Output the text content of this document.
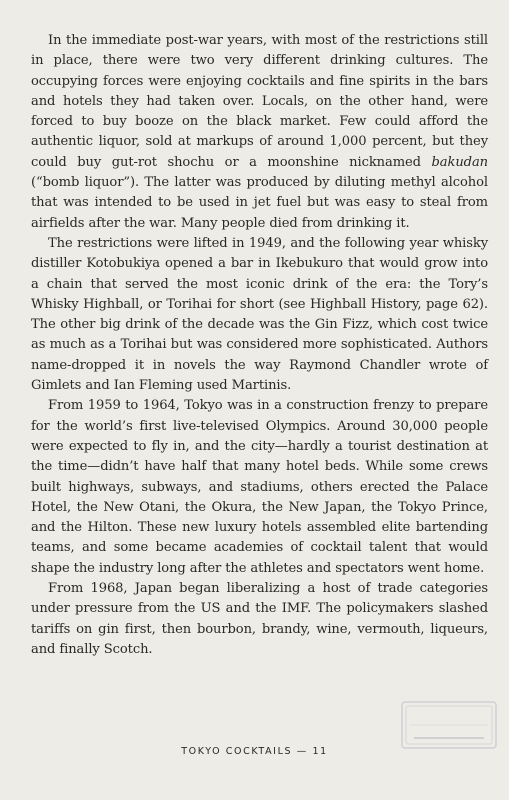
In the immediate post-war years, with most of the restrictions still in place, there were two very different drinking cultures. The occupying forces were enjoying cocktails and fine spirits in the bars and hotels they had taken over. Locals, on the other hand, were forced to buy booze on the black market. Few could afford the authentic liquor, sold at markups of around 1,000 percent, but they could buy gut-rot shochu or a moonshine nicknamed bakudan (“bomb liquor”). The latter was produced by diluting methyl alcohol that was intended to be used in jet fuel but was easy to steal from airfields after the war. Many people died from drinking it.

The restrictions were lifted in 1949, and the following year whisky distiller Kotobukiya opened a bar in Ikebukuro that would grow into a chain that served the most iconic drink of the era: the Tory’s Whisky Highball, or Torihai for short (see Highball History, page 62). The other big drink of the decade was the Gin Fizz, which cost twice as much as a Torihai but was considered more sophisticated. Authors name-dropped it in novels the way Raymond Chandler wrote of Gimlets and Ian Fleming used Martinis.

From 1959 to 1964, Tokyo was in a construction frenzy to prepare for the world’s first live-televised Olympics. Around 30,000 people were expected to fly in, and the city—hardly a tourist destination at the time—didn’t have half that many hotel beds. While some crews built highways, subways, and stadiums, others erected the Palace Hotel, the New Otani, the Okura, the New Japan, the Tokyo Prince, and the Hilton. These new luxury hotels assembled elite bartending teams, and some became academies of cocktail talent that would shape the industry long after the athletes and spectators went home.

From 1968, Japan began liberalizing a host of trade categories under pressure from the US and the IMF. The policymakers slashed tariffs on gin first, then bourbon, brandy, wine, vermouth, liqueurs, and finally Scotch.

TOKYO COCKTAILS — 11
